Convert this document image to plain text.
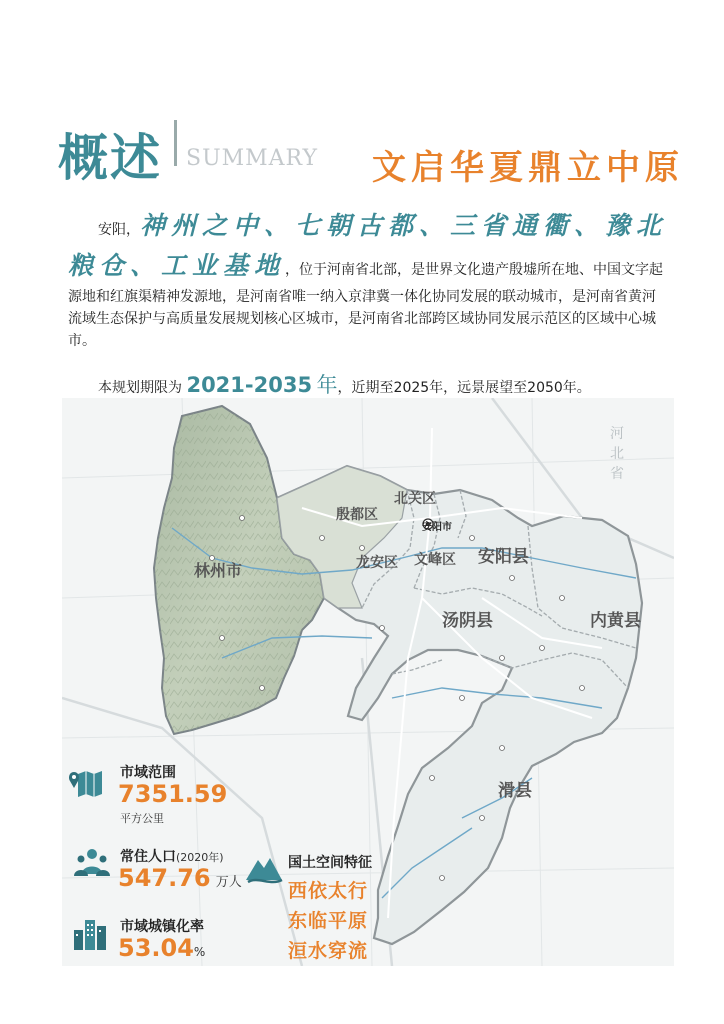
概述 SUMMARY 文启华夏鼎立中原
安阳，神州之中、七朝古都、三省通衢、豫北
粮仓、工业基地，位于河南省北部，是世界文化遗产殷墟所在地、中国文字起源地和红旗渠精神发源地，是河南省唯一纳入京津冀一体化协同发展的联动城市，是河南省黄河流域生态保护与高质量发展规划核心区城市，是河南省北部跨区域协同发展示范区的区域中心城市。
本规划期限为 2021-2035 年，近期至2025年，远景展望至2050年。
河
北
省
林州市
殷都区
北关区
安阳市
龙安区 文峰区 安阳县
汤阴县	内黄县
滑县
市域范围
7351.59
平方公里
常住人口(2020年)
547.76 万人
市域城镇化率
53.04%
国土空间特征
西依太行
东临平原
洹水穿流
